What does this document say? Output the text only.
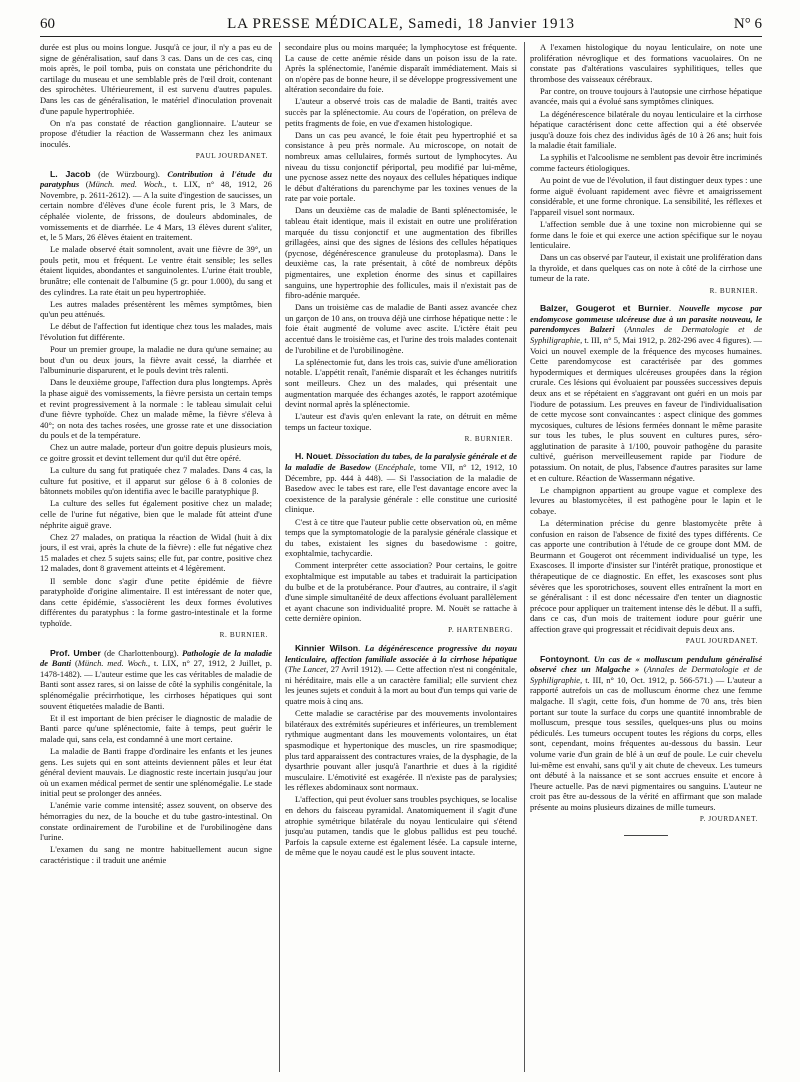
60	LA PRESSE MÉDICALE, Samedi, 18 Janvier 1913	N° 6

durée est plus ou moins longue. Jusqu'à ce jour, il n'y a pas eu de signe de généralisation, sauf dans 3 cas. Dans un de ces cas, cinq mois après, le poil tomba, puis on constata une périchondrite du cartilage du museau et une semblable près de l'œil droit, contenant des spirochètes. Ultérieurement, il est survenu d'autres papules. Dans les cas de généralisation, le matériel d'inoculation provenait d'une papule hypertrophiée.

On n'a pas constaté de réaction ganglionnaire. L'auteur se propose d'étudier la réaction de Wassermann chez les animaux inoculés.

PAUL JOURDANET.

L. Jacob (de Würzbourg). Contribution à l'étude du paratyphus (Münch. med. Woch., t. LIX, n° 48, 1912, 26 Novembre, p. 2611-2612). — A la suite d'ingestion de saucisses, un certain nombre d'élèves d'une école furent pris, le 3 Mars, de céphalée violente, de frissons, de douleurs abdominales, de vomissements et de diarrhée. Le 4 Mars, 13 élèves durent s'aliter, et, le 5 Mars, 26 élèves étaient en traitement.

Le malade observé était somnolent, avait une fièvre de 39°, un pouls petit, mou et fréquent. Le ventre était sensible; les selles étaient liquides, abondantes et sanguinolentes. L'urine était trouble, brunâtre; elle contenait de l'albumine (5 gr. pour 1.000), du sang et des cylindres. La rate était un peu hypertrophiée.

Les autres malades présentèrent les mêmes symptômes, bien qu'un peu atténués.

Le début de l'affection fut identique chez tous les malades, mais l'évolution fut différente.

Pour un premier groupe, la maladie ne dura qu'une semaine; au bout d'un ou deux jours, la fièvre avait cessé, la diarrhée et l'albuminurie disparurent, et le pouls devint très ralenti.

Dans le deuxième groupe, l'affection dura plus longtemps. Après la phase aiguë des vomissements, la fièvre persista un certain temps et revint progressivement à la normale : le tableau simulait celui d'une fièvre typhoïde. Chez un malade même, la fièvre s'éleva à 40°; on nota des taches rosées, une grosse rate et une dissociation du pouls et de la température.

Chez un autre malade, porteur d'un goitre depuis plusieurs mois, ce goitre grossit et devint tellement dur qu'il dut être opéré.

La culture du sang fut pratiquée chez 7 malades. Dans 4 cas, la culture fut positive, et il apparut sur gélose 6 à 8 colonies de bâtonnets mobiles qu'on identifia avec le bacille paratyphique β.

La culture des selles fut également positive chez un malade; celle de l'urine fut négative, bien que le malade fût atteint d'une néphrite aiguë grave.

Chez 27 malades, on pratiqua la réaction de Widal (huit à dix jours, il est vrai, après la chute de la fièvre) : elle fut négative chez 15 malades et chez 5 sujets sains; elle fut, par contre, positive chez 12 malades, dont 8 gravement atteints et 4 légèrement.

Il semble donc s'agir d'une petite épidémie de fièvre paratyphoïde d'origine alimentaire. Il est intéressant de noter que, dans cette épidémie, s'associèrent les deux formes évolutives différentes du paratyphus : la forme gastro-intestinale et la forme typhoïde.

R. BURNIER.

Prof. Umber (de Charlottenbourg). Pathologie de la maladie de Banti (Münch. med. Woch., t. LIX, n° 27, 1912, 2 Juillet, p. 1478-1482). — L'auteur estime que les cas véritables de maladie de Banti sont assez rares, si on laisse de côté la syphilis congénitale, la splénomégalie précirrhotique, les cirrhoses hépatiques qui sont souvent étiquetées maladie de Banti.

Et il est important de bien préciser le diagnostic de maladie de Banti parce qu'une splénectomie, faite à temps, peut guérir le malade qui, sans cela, est condamné à une mort certaine.

La maladie de Banti frappe d'ordinaire les enfants et les jeunes gens. Les sujets qui en sont atteints deviennent pâles et leur état général devient mauvais. Le diagnostic reste incertain jusqu'au jour où un examen médical permet de sentir une splénomégalie. Le stade initial peut se prolonger des années.

L'anémie varie comme intensité; assez souvent, on observe des hémorragies du nez, de la bouche et du tube gastro-intestinal. On constate ordinairement de l'urobiline et de l'urobilinogène dans l'urine.

L'examen du sang ne montre habituellement aucun signe caractéristique : il traduit une anémie

secondaire plus ou moins marquée; la lymphocytose est fréquente. La cause de cette anémie réside dans un poison issu de la rate. Après la splénectomie, l'anémie disparaît immédiatement. Mais si on n'opère pas de bonne heure, il se développe progressivement une altération secondaire du foie.

L'auteur a observé trois cas de maladie de Banti, traités avec succès par la splénectomie. Au cours de l'opération, on préleva de petits fragments de foie, en vue d'examen histologique.

Dans un cas peu avancé, le foie était peu hypertrophié et sa consistance à peu près normale. Au microscope, on notait de nombreux amas cellulaires, formés surtout de lymphocytes. Au niveau du tissu conjonctif périportal, peu modifié par lui-même, une pycnose assez nette des noyaux des cellules hépatiques indique le début d'altérations du parenchyme par les toxines venues de la rate par voie portale.

Dans un deuxième cas de maladie de Banti splénectomisée, le tableau était identique, mais il existait en outre une prolifération marquée du tissu conjonctif et une augmentation des fibrilles grillagées, ainsi que des signes de lésions des cellules hépatiques (pycnose, dégénérescence granuleuse du protoplasma). Dans le deuxième cas, la rate présentait, à côté de nombreux dépôts pigmentaires, une expletion énorme des sinus et capillaires sanguins, une hypertrophie des follicules, mais il n'existait pas de fibro-adénie marquée.

Dans un troisième cas de maladie de Banti assez avancée chez un garçon de 10 ans, on trouva déjà une cirrhose hépatique nette : le foie était augmenté de volume avec ascite. L'ictère était peu accentué dans le troisième cas, et l'urine des trois malades contenait de l'urobiline et de l'urobilinogène.

La splénectomie fut, dans les trois cas, suivie d'une amélioration notable. L'appétit renaît, l'anémie disparaît et les échanges nutritifs sont meilleurs. Chez un des malades, qui présentait une augmentation marquée des échanges azotés, le rapport azotémique devint normal après la splénectomie.

L'auteur est d'avis qu'en enlevant la rate, on détruit en même temps un facteur toxique.

R. BURNIER.

H. Nouet. Dissociation du tabes, de la paralysie générale et de la maladie de Basedow (Encéphale, tome VII, n° 12, 1912, 10 Décembre, pp. 444 à 448). — Si l'association de la maladie de Basedow avec le tabes est rare, elle l'est davantage encore avec la coexistence de la paralysie générale : elle constitue une curiosité clinique.

C'est à ce titre que l'auteur publie cette observation où, en même temps que la symptomatologie de la paralysie générale classique et du tabes, existaient les signes du basedowisme : goitre, exophtalmie, tachycardie.

Comment interpréter cette association? Pour certains, le goitre exophtalmique est imputable au tabes et traduirait la participation du bulbe et de la protubérance. Pour d'autres, au contraire, il s'agit d'une simple simultanéité de deux affections évoluant parallèlement et ayant chacune son individualité propre. M. Nouët se rattache à cette dernière opinion.

P. HARTENBERG.

Kinnier Wilson. La dégénérescence progressive du noyau lenticulaire, affection familiale associée à la cirrhose hépatique (The Lancet, 27 Avril 1912). — Cette affection n'est ni congénitale, ni héréditaire, mais elle a un caractère familial; elle survient chez les jeunes sujets et conduit à la mort au bout d'un temps qui varie de quatre mois à cinq ans.

Cette maladie se caractérise par des mouvements involontaires bilatéraux des extrémités supérieures et inférieures, un tremblement rythmique augmentant dans les mouvements volontaires, un état spasmodique et hypertonique des muscles, un rire spasmodique; plus tard apparaissent des contractures vraies, de la dysphagie, de la dysarthrie pouvant aller jusqu'à l'anarthrie et dues à la rigidité musculaire. L'émotivité est exagérée. Il n'existe pas de paralysies; les réflexes abdominaux sont normaux.

L'affection, qui peut évoluer sans troubles psychiques, se localise en dehors du faisceau pyramidal. Anatomiquement il s'agit d'une atrophie symétrique bilatérale du noyau lenticulaire qui s'étend jusqu'au putamen, tandis que le globus pallidus est peu touché. Parfois la capsule externe est également lésée. La capsule interne, de même que le noyau caudé est le plus souvent intacte.

A l'examen histologique du noyau lenticulaire, on note une prolifération névroglique et des formations vacuolaires. On ne constate pas d'altérations vasculaires syphilitiques, telles que thrombose des vaisseaux cérébraux.

Par contre, on trouve toujours à l'autopsie une cirrhose hépatique avancée, mais qui a évolué sans symptômes cliniques.

La dégénérescence bilatérale du noyau lenticulaire et la cirrhose hépatique caractérisent donc cette affection qui a été observée jusqu'à douze fois chez des individus âgés de 10 à 26 ans; huit fois la maladie était familiale.

La syphilis et l'alcoolisme ne semblent pas devoir être incriminés comme facteurs étiologiques.

Au point de vue de l'évolution, il faut distinguer deux types : une forme aiguë évoluant rapidement avec fièvre et amaigrissement considérable, et une forme chronique. La sensibilité, les réflexes et l'appareil visuel sont normaux.

L'affection semble due à une toxine non microbienne qui se forme dans le foie et qui exerce une action spécifique sur le noyau lenticulaire.

Dans un cas observé par l'auteur, il existait une prolifération dans la thyroïde, et dans quelques cas on note à côté de la cirrhose une tumeur de la rate.

R. BURNIER.

Balzer, Gougerot et Burnier. Nouvelle mycose par endomycose gommeuse ulcéreuse due à un parasite nouveau, le parendomyces Balzeri (Annales de Dermatologie et de Syphiligraphie, t. III, n° 5, Mai 1912, p. 282-296 avec 4 figures). — Voici un nouvel exemple de la fréquence des mycoses humaines. Cette parendomycose est caractérisée par des gommes hypodermiques et dermiques ulcéreuses groupées dans la région crurale. Ces lésions qui évoluaient par poussées successives depuis deux ans et se répétaient en s'aggravant ont guéri en un mois par l'iodure de potassium. Les preuves en faveur de l'individualisation de cette mycose sont convaincantes : aspect clinique des gommes mycosiques, cultures de lésions fermées donnant le même parasite sur tous les tubes, le plus souvent en cultures pures, séro-agglutination de parasite à 1/100, pouvoir pathogène du parasite cultivé, guérison merveilleusement rapide par l'iodure de potassium. On notait, de plus, l'absence d'autres parasites sur lame et en culture. Réaction de Wassermann négative.

Le champignon appartient au groupe vague et complexe des levures au blastomycètes, il est pathogène pour le lapin et le cobaye.

La détermination précise du genre blastomycète prête à confusion en raison de l'absence de fixité des types différents. Ce cas apporte une contribution à l'étude de ce groupe dont MM. de Beurmann et Gougerot ont récemment individualisé un type, les Exascoses. Il importe d'insister sur l'intérêt pratique, pronostique et thérapeutique de ce diagnostic. En effet, les exascoses sont plus sévères que les sporotrichoses, souvent elles entraînent la mort en se généralisant : il est donc nécessaire d'en tenter un diagnostic précoce pour appliquer un traitement intense dès le début. Il a suffi, dans ce cas, d'un mois de traitement iodure pour guérir une affection grave qui progressait et récidivait depuis deux ans.

PAUL JOURDANET.

Fontoynont. Un cas de « molluscum pendulum généralisé observé chez un Malgache » (Annales de Dermatologie et de Syphiligraphie, t. III, n° 10, Oct. 1912, p. 566-571.) — L'auteur a rapporté autrefois un cas de molluscum énorme chez une femme malgache. Il s'agit, cette fois, d'un homme de 70 ans, très bien portant sur toute la surface du corps une quantité innombrable de molluscum, presque tous sessiles, quelques-uns plus ou moins pédiculés. Les tumeurs occupent toutes les régions du corps, elles sont, cependant, moins fréquentes au-dessous du bassin. Leur volume varie d'un grain de blé à un œuf de poule. Le cuir chevelu lui-même est envahi, sans qu'il y ait chute de cheveux. Les tumeurs ont débuté à la naissance et se sont accrues ensuite et encore à l'heure actuelle. Pas de nævi pigmentaires ou sanguins. L'auteur ne croit pas être au-dessous de la vérité en affirmant que son malade présente au moins plusieurs dizaines de mille tumeurs.

P. JOURDANET.
